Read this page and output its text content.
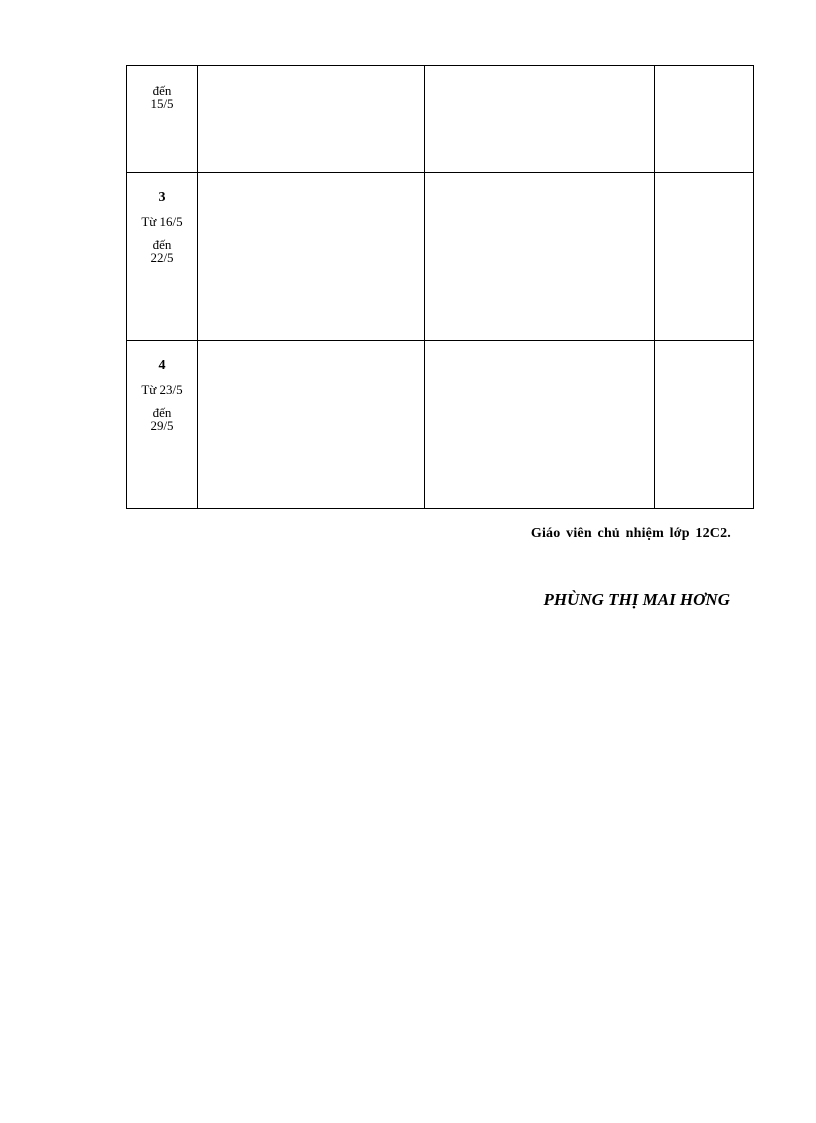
đến
15/5			

3
Từ 16/5
đến
22/5			

4
Từ 23/5
đến
29/5			

Giáo viên chủ nhiệm lớp 12C2.
PHÙNG THỊ MAI HƠNG
